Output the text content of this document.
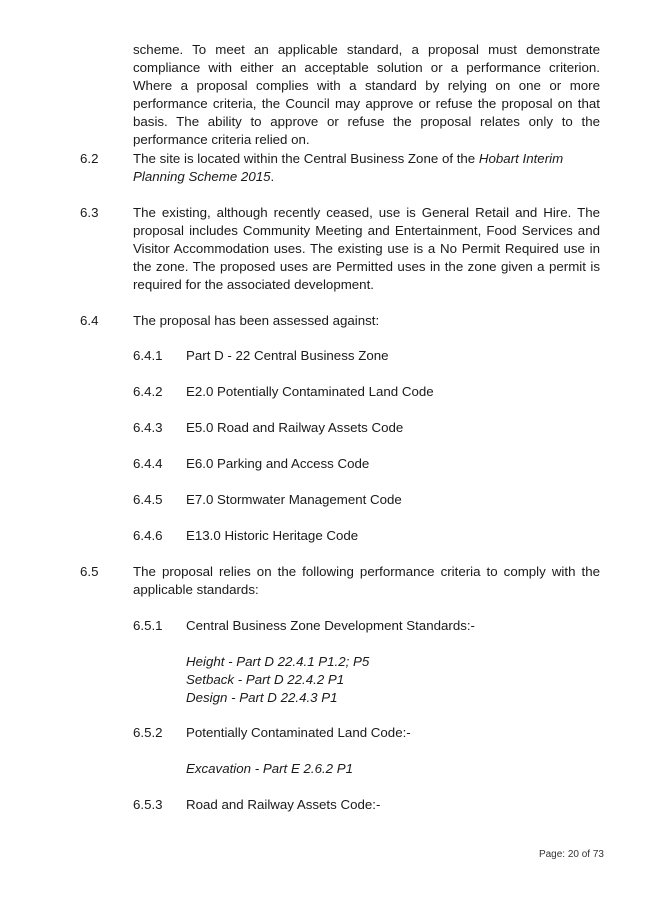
scheme. To meet an applicable standard, a proposal must demonstrate compliance with either an acceptable solution or a performance criterion. Where a proposal complies with a standard by relying on one or more performance criteria, the Council may approve or refuse the proposal on that basis. The ability to approve or refuse the proposal relates only to the performance criteria relied on.
6.2	The site is located within the Central Business Zone of the Hobart Interim Planning Scheme 2015.
6.3	The existing, although recently ceased, use is General Retail and Hire. The proposal includes Community Meeting and Entertainment, Food Services and Visitor Accommodation uses. The existing use is a No Permit Required use in the zone. The proposed uses are Permitted uses in the zone given a permit is required for the associated development.
6.4	The proposal has been assessed against:
6.4.1 Part D - 22 Central Business Zone
6.4.2 E2.0 Potentially Contaminated Land Code
6.4.3 E5.0 Road and Railway Assets Code
6.4.4 E6.0 Parking and Access Code
6.4.5 E7.0 Stormwater Management Code
6.4.6 E13.0 Historic Heritage Code
6.5	The proposal relies on the following performance criteria to comply with the applicable standards:
6.5.1 Central Business Zone Development Standards:-
Height - Part D 22.4.1 P1.2; P5
Setback - Part D 22.4.2 P1
Design - Part D 22.4.3 P1
6.5.2 Potentially Contaminated Land Code:-
Excavation - Part E 2.6.2 P1
6.5.3 Road and Railway Assets Code:-
Page: 20 of 73
